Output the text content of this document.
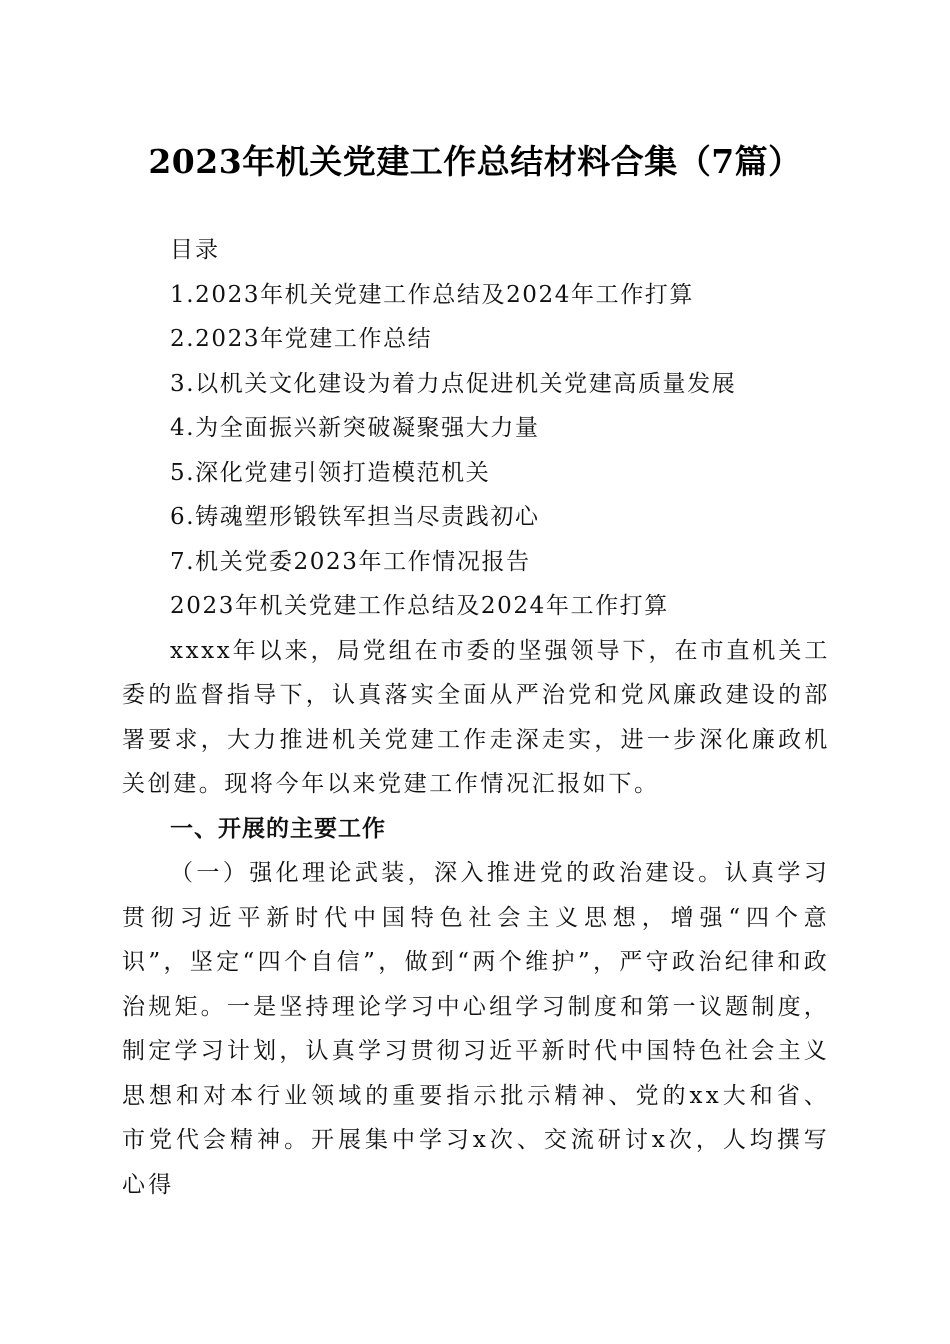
2023年机关党建工作总结材料合集（7篇）
目录
1.2023年机关党建工作总结及2024年工作打算
2.2023年党建工作总结
3.以机关文化建设为着力点促进机关党建高质量发展
4.为全面振兴新突破凝聚强大力量
5.深化党建引领打造模范机关
6.铸魂塑形锻铁军担当尽责践初心
7.机关党委2023年工作情况报告
2023年机关党建工作总结及2024年工作打算

xxxx年以来，局党组在市委的坚强领导下，在市直机关工委的监督指导下，认真落实全面从严治党和党风廉政建设的部署要求，大力推进机关党建工作走深走实，进一步深化廉政机关创建。现将今年以来党建工作情况汇报如下。

一、开展的主要工作

（一）强化理论武装，深入推进党的政治建设。认真学习贯彻习近平新时代中国特色社会主义思想，增强“四个意识”，坚定“四个自信”，做到“两个维护”，严守政治纪律和政治规矩。一是坚持理论学习中心组学习制度和第一议题制度，制定学习计划，认真学习贯彻习近平新时代中国特色社会主义思想和对本行业领域的重要指示批示精神、党的xx大和省、市党代会精神。开展集中学习x次、交流研讨x次，人均撰写心得
